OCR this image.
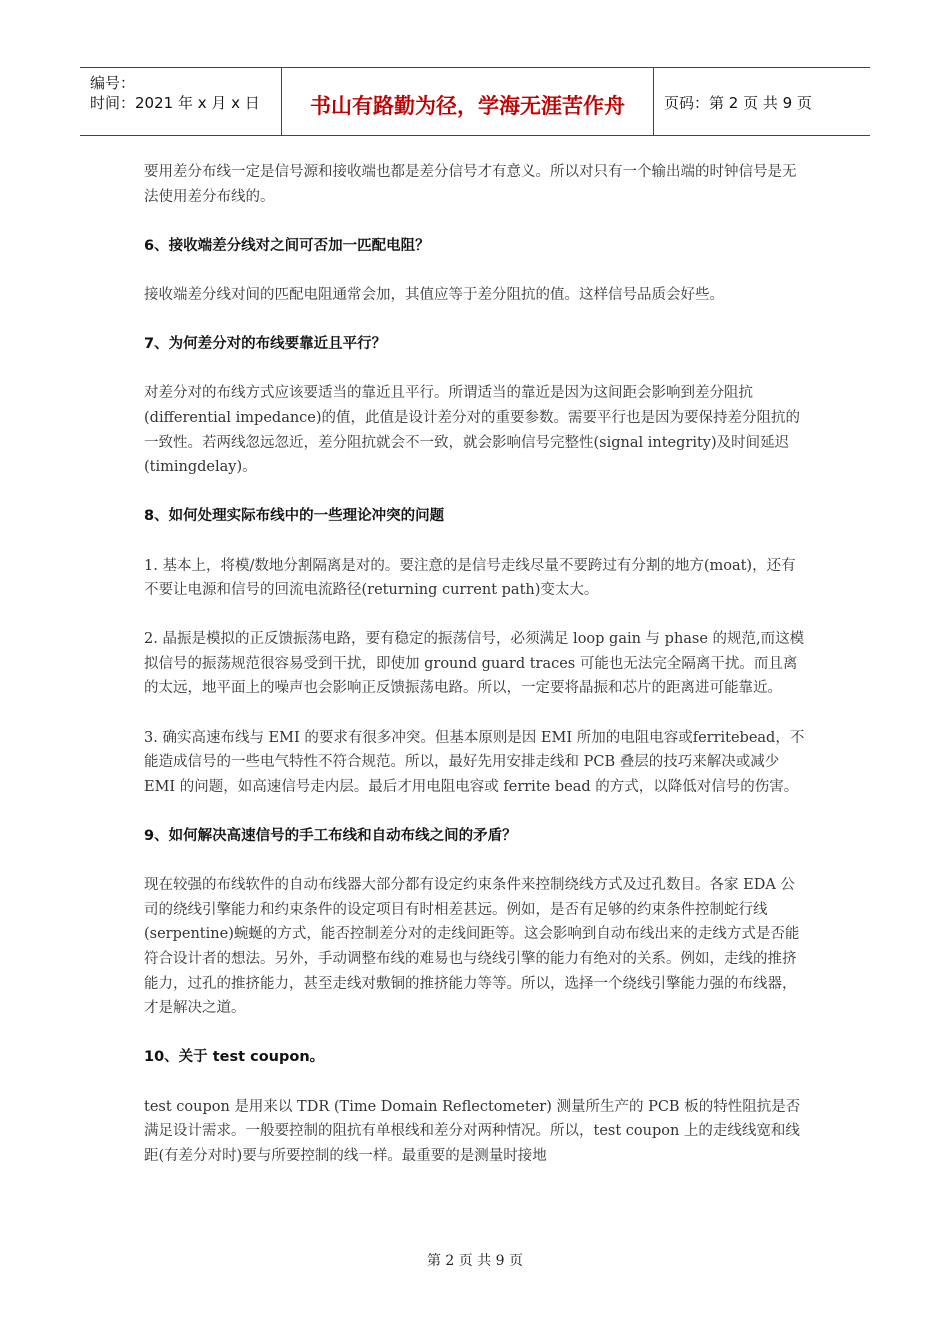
编号：
时间：2021 年 x 月 x 日	书山有路勤为径，学海无涯苦作舟	页码：第 2 页 共 9 页

要用差分布线一定是信号源和接收端也都是差分信号才有意义。所以对只有一个输出端的时钟信号是无法使用差分布线的。

6、接收端差分线对之间可否加一匹配电阻？

接收端差分线对间的匹配电阻通常会加，其值应等于差分阻抗的值。这样信号品质会好些。

7、为何差分对的布线要靠近且平行？

对差分对的布线方式应该要适当的靠近且平行。所谓适当的靠近是因为这间距会影响到差分阻抗(differential impedance)的值，此值是设计差分对的重要参数。需要平行也是因为要保持差分阻抗的一致性。若两线忽远忽近，差分阻抗就会不一致，就会影响信号完整性(signal integrity)及时间延迟(timingdelay)。

8、如何处理实际布线中的一些理论冲突的问题

1. 基本上，将模/数地分割隔离是对的。要注意的是信号走线尽量不要跨过有分割的地方(moat)，还有不要让电源和信号的回流电流路径(returning current path)变太大。

2. 晶振是模拟的正反馈振荡电路，要有稳定的振荡信号，必须满足 loop gain 与 phase 的规范,而这模拟信号的振荡规范很容易受到干扰，即使加 ground guard traces 可能也无法完全隔离干扰。而且离的太远，地平面上的噪声也会影响正反馈振荡电路。所以，一定要将晶振和芯片的距离进可能靠近。

3. 确实高速布线与 EMI 的要求有很多冲突。但基本原则是因 EMI 所加的电阻电容或ferritebead，不能造成信号的一些电气特性不符合规范。所以，最好先用安排走线和 PCB 叠层的技巧来解决或减少 EMI 的问题，如高速信号走内层。最后才用电阻电容或 ferrite bead 的方式，以降低对信号的伤害。

9、如何解决高速信号的手工布线和自动布线之间的矛盾？

现在较强的布线软件的自动布线器大部分都有设定约束条件来控制绕线方式及过孔数目。各家 EDA 公司的绕线引擎能力和约束条件的设定项目有时相差甚远。例如，是否有足够的约束条件控制蛇行线(serpentine)蜿蜒的方式，能否控制差分对的走线间距等。这会影响到自动布线出来的走线方式是否能符合设计者的想法。另外，手动调整布线的难易也与绕线引擎的能力有绝对的关系。例如，走线的推挤能力，过孔的推挤能力，甚至走线对敷铜的推挤能力等等。所以，选择一个绕线引擎能力强的布线器，才是解决之道。

10、关于 test coupon。

test coupon 是用来以 TDR (Time Domain Reflectometer) 测量所生产的 PCB 板的特性阻抗是否满足设计需求。一般要控制的阻抗有单根线和差分对两种情况。所以，test coupon 上的走线线宽和线距(有差分对时)要与所要控制的线一样。最重要的是测量时接地

第 2 页 共 9 页
